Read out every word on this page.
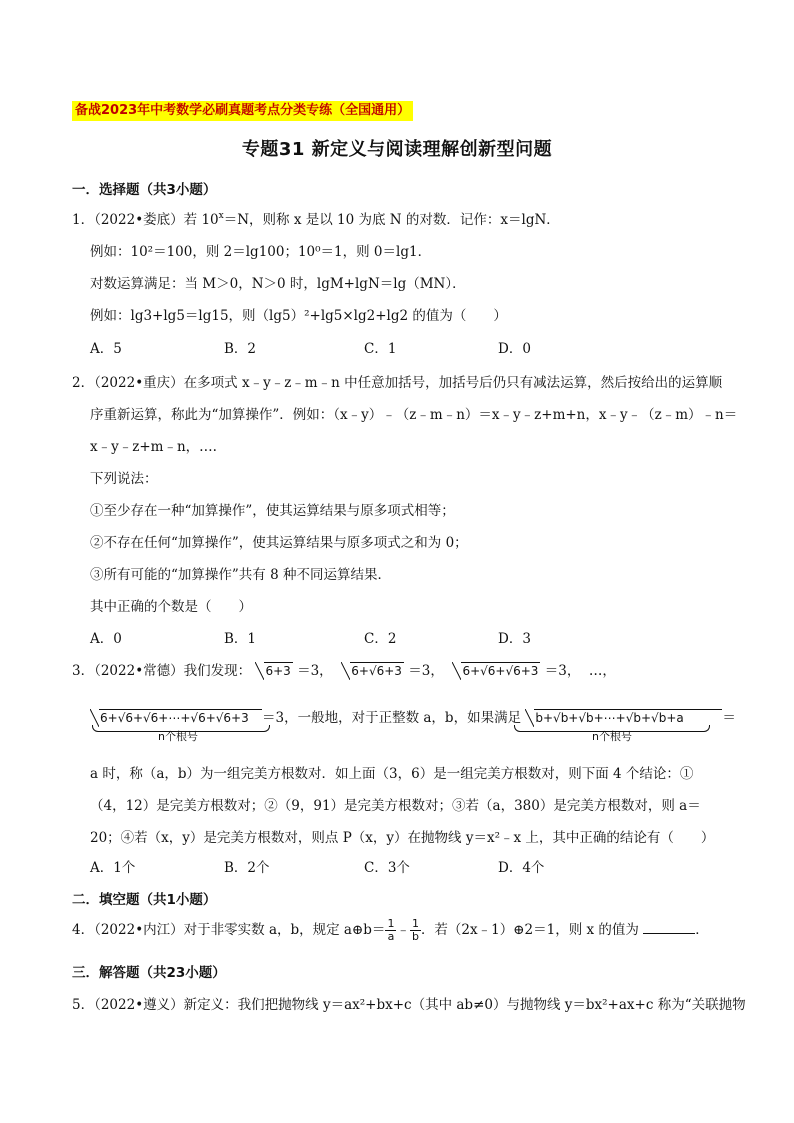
备战2023年中考数学必刷真题考点分类专练（全国通用）
专题31 新定义与阅读理解创新型问题
一．选择题（共3小题）
1．（2022•娄底）若 $10^x=N$，则称 x 是以 10 为底 N 的对数．记作：x＝lgN．
例如：10²＝100，则 2＝lg100；10⁰＝1，则 0＝lg1．
对数运算满足：当 M＞0，N＞0 时，lgM+lgN＝lg（MN）．
例如：lg3+lg5＝lg15，则（lg5）²+lg5×lg2+lg2 的值为（　　）
A．5	B．2	C．1	D．0
2．（2022•重庆）在多项式 x﹣y﹣z﹣m﹣n 中任意加括号，加括号后仍只有减法运算，然后按给出的运算顺
序重新运算，称此为“加算操作”．例如：（x﹣y）﹣（z﹣m﹣n）＝x﹣y﹣z+m+n，x﹣y﹣（z﹣m）﹣n＝
x﹣y﹣z+m﹣n，….
下列说法：
①至少存在一种“加算操作”，使其运算结果与原多项式相等；
②不存在任何“加算操作”，使其运算结果与原多项式之和为 0；
③所有可能的“加算操作”共有 8 种不同运算结果．
其中正确的个数是（　　）
A．0	B．1	C．2	D．3
3．（2022•常德）我们发现： 6+3 ＝3， 6+√6+3 ＝3， 6+√6+√6+3 ＝3， …，
6+√6+√6+⋯+√6+√6+3 ＝3，一般地，对于正整数 a，b，如果满足 b+√b+√b+⋯+√b+√b+a	＝
n个根号	n个根号
a 时，称（a，b）为一组完美方根数对．如上面（3，6）是一组完美方根数对，则下面 4 个结论：①
（4，12）是完美方根数对；②（9，91）是完美方根数对；③若（a，380）是完美方根数对，则 a＝
20；④若（x，y）是完美方根数对，则点 P（x，y）在抛物线 y＝x²﹣x 上，其中正确的结论有（　　）
A．1个	B．2个	C．3个	D．4个
二．填空题（共1小题）
4．（2022•内江）对于非零实数 a，b，规定 a⊕b＝ $\frac{1}{a}$ ﹣ $\frac{1}{b}$ ．若（2x﹣1）⊕2＝1，则 x 的值为	．
三．解答题（共23小题）
5．（2022•遵义）新定义：我们把抛物线 y＝ax²+bx+c（其中 ab≠0）与抛物线 y＝bx²+ax+c 称为“关联抛物
